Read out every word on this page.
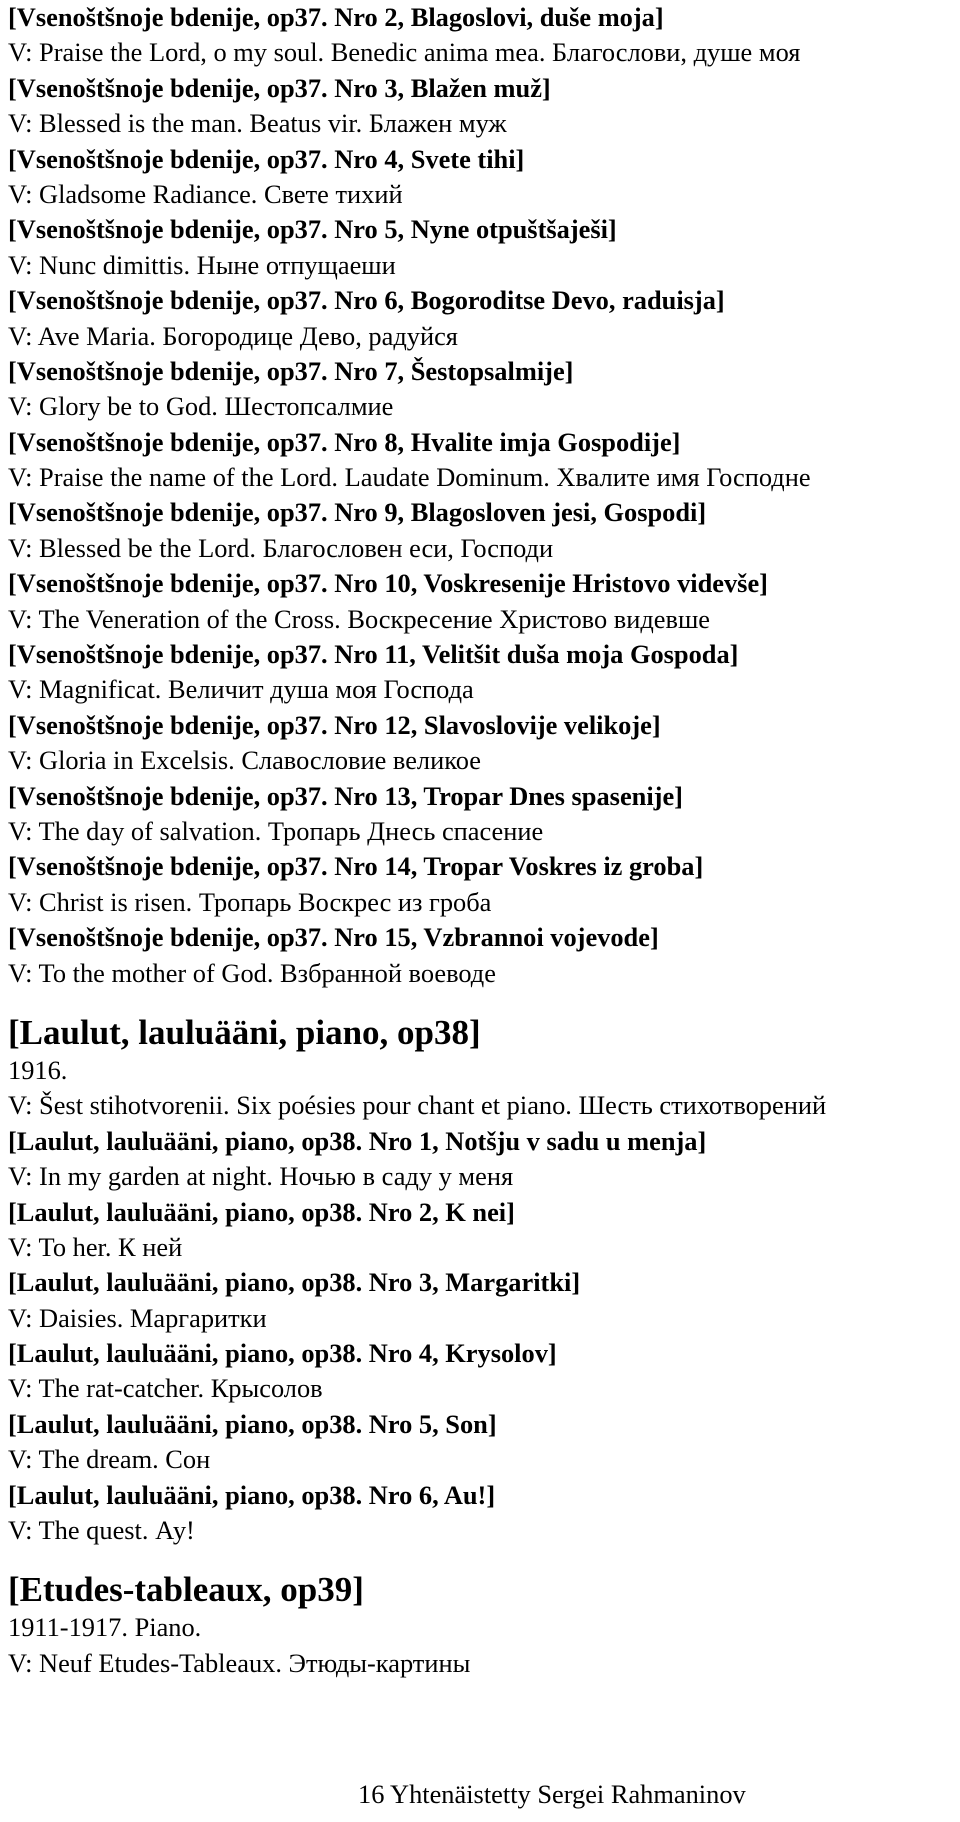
[Vsenoštšnoje bdenije, op37. Nro 2, Blagoslovi, duše moja]
V: Praise the Lord, o my soul. Benedic anima mea. Благослови, душе моя
[Vsenoštšnoje bdenije, op37. Nro 3, Blažen muž]
V: Blessed is the man. Beatus vir. Блажен муж
[Vsenoštšnoje bdenije, op37. Nro 4, Svete tihi]
V: Gladsome Radiance. Свете тихий
[Vsenoštšnoje bdenije, op37. Nro 5, Nyne otpuštšaješi]
V: Nunc dimittis. Ныне отпущаеши
[Vsenoštšnoje bdenije, op37. Nro 6, Bogoroditse Devo, raduisja]
V: Ave Maria. Богородице Дево, радуйся
[Vsenoštšnoje bdenije, op37. Nro 7, Šestopsalmije]
V: Glory be to God. Шестопсалмие
[Vsenoštšnoje bdenije, op37. Nro 8, Hvalite imja Gospodije]
V: Praise the name of the Lord. Laudate Dominum. Хвалите имя Господне
[Vsenoštšnoje bdenije, op37. Nro 9, Blagosloven jesi, Gospodi]
V: Blessed be the Lord. Благословен еси, Господи
[Vsenoštšnoje bdenije, op37. Nro 10, Voskresenije Hristovo videvše]
V: The Veneration of the Cross. Воскресение Христово видевше
[Vsenoštšnoje bdenije, op37. Nro 11, Velitšit duša moja Gospoda]
V: Magnificat. Величит душа моя Господа
[Vsenoštšnoje bdenije, op37. Nro 12, Slavoslovije velikoje]
V: Gloria in Excelsis. Славословие великое
[Vsenoštšnoje bdenije, op37. Nro 13, Tropar Dnes spasenije]
V: The day of salvation. Тропарь Днесь спасение
[Vsenoštšnoje bdenije, op37. Nro 14, Tropar Voskres iz groba]
V: Christ is risen. Тропарь Воскрес из гроба
[Vsenoštšnoje bdenije, op37. Nro 15, Vzbrannoi vojevode]
V: To the mother of God. Взбранной воеводе
[Laulut, lauluääni, piano, op38]
1916.
V: Šest stihotvorenii. Six poésies pour chant et piano. Шесть стихотворений
[Laulut, lauluääni, piano, op38. Nro 1, Notšju v sadu u menja]
V: In my garden at night. Ночью в саду у меня
[Laulut, lauluääni, piano, op38. Nro 2, K nei]
V: To her. К ней
[Laulut, lauluääni, piano, op38. Nro 3, Margaritki]
V: Daisies. Маргаритки
[Laulut, lauluääni, piano, op38. Nro 4, Krysolov]
V: The rat-catcher. Крысолов
[Laulut, lauluääni, piano, op38. Nro 5, Son]
V: The dream. Сон
[Laulut, lauluääni, piano, op38. Nro 6, Au!]
V: The quest. Ау!
[Etudes-tableaux, op39]
1911-1917. Piano.
V: Neuf Etudes-Tableaux. Этюды-картины
16 Yhtenäistetty Sergei Rahmaninov
